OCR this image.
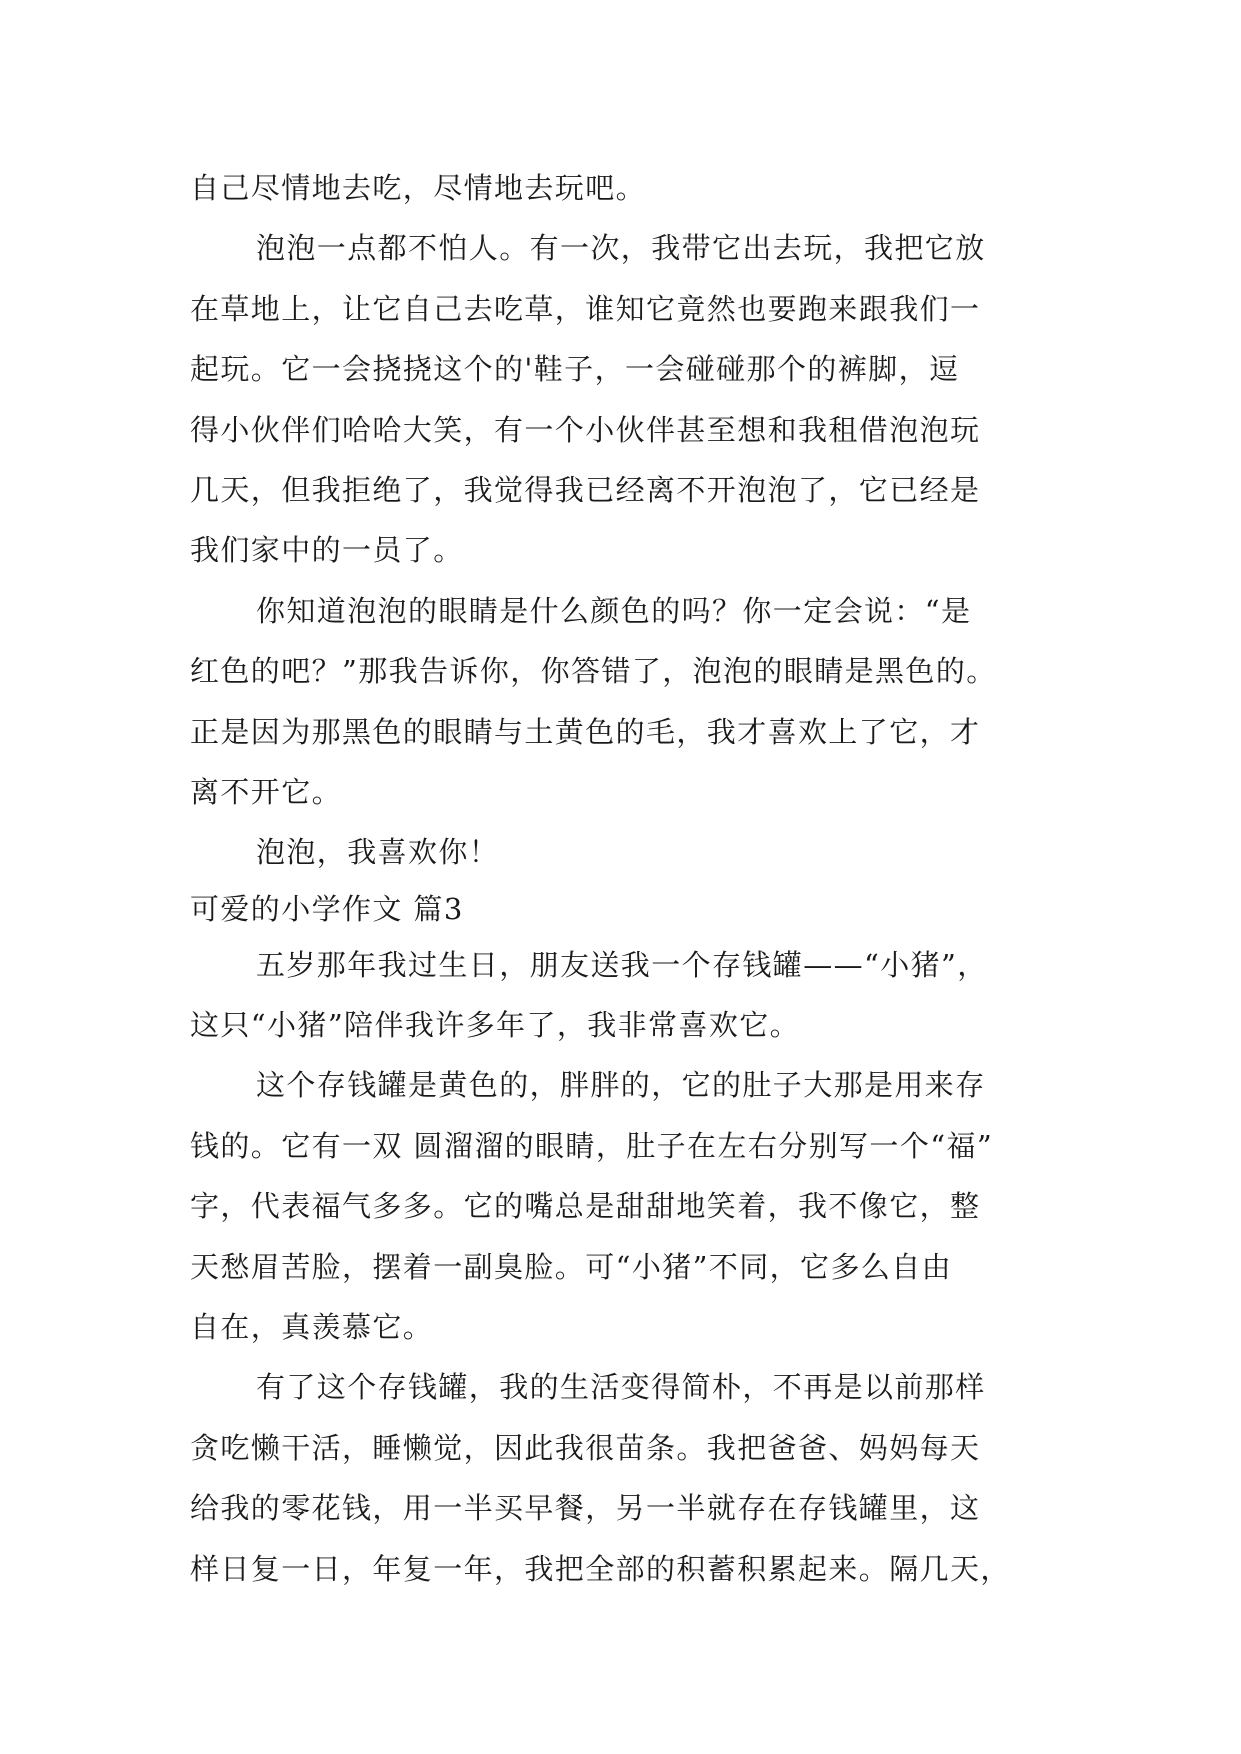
自己尽情地去吃，尽情地去玩吧。
泡泡一点都不怕人。有一次，我带它出去玩，我把它放
在草地上，让它自己去吃草，谁知它竟然也要跑来跟我们一
起玩。它一会挠挠这个的'鞋子，一会碰碰那个的裤脚，逗
得小伙伴们哈哈大笑，有一个小伙伴甚至想和我租借泡泡玩
几天，但我拒绝了，我觉得我已经离不开泡泡了，它已经是
我们家中的一员了。
你知道泡泡的眼睛是什么颜色的吗？你一定会说：“是
红色的吧？”那我告诉你，你答错了，泡泡的眼睛是黑色的。
正是因为那黑色的眼睛与土黄色的毛，我才喜欢上了它，才
离不开它。
泡泡，我喜欢你！
可爱的小学作文 篇3
五岁那年我过生日，朋友送我一个存钱罐——“小猪”，
这只“小猪”陪伴我许多年了，我非常喜欢它。
这个存钱罐是黄色的，胖胖的，它的肚子大那是用来存
钱的。它有一双 圆溜溜的眼睛，肚子在左右分别写一个“福”
字，代表福气多多。它的嘴总是甜甜地笑着，我不像它，整
天愁眉苦脸，摆着一副臭脸。可“小猪”不同，它多么自由
自在，真羡慕它。
有了这个存钱罐，我的生活变得简朴，不再是以前那样
贪吃懒干活，睡懒觉，因此我很苗条。我把爸爸、妈妈每天
给我的零花钱，用一半买早餐，另一半就存在存钱罐里，这
样日复一日，年复一年，我把全部的积蓄积累起来。隔几天，
